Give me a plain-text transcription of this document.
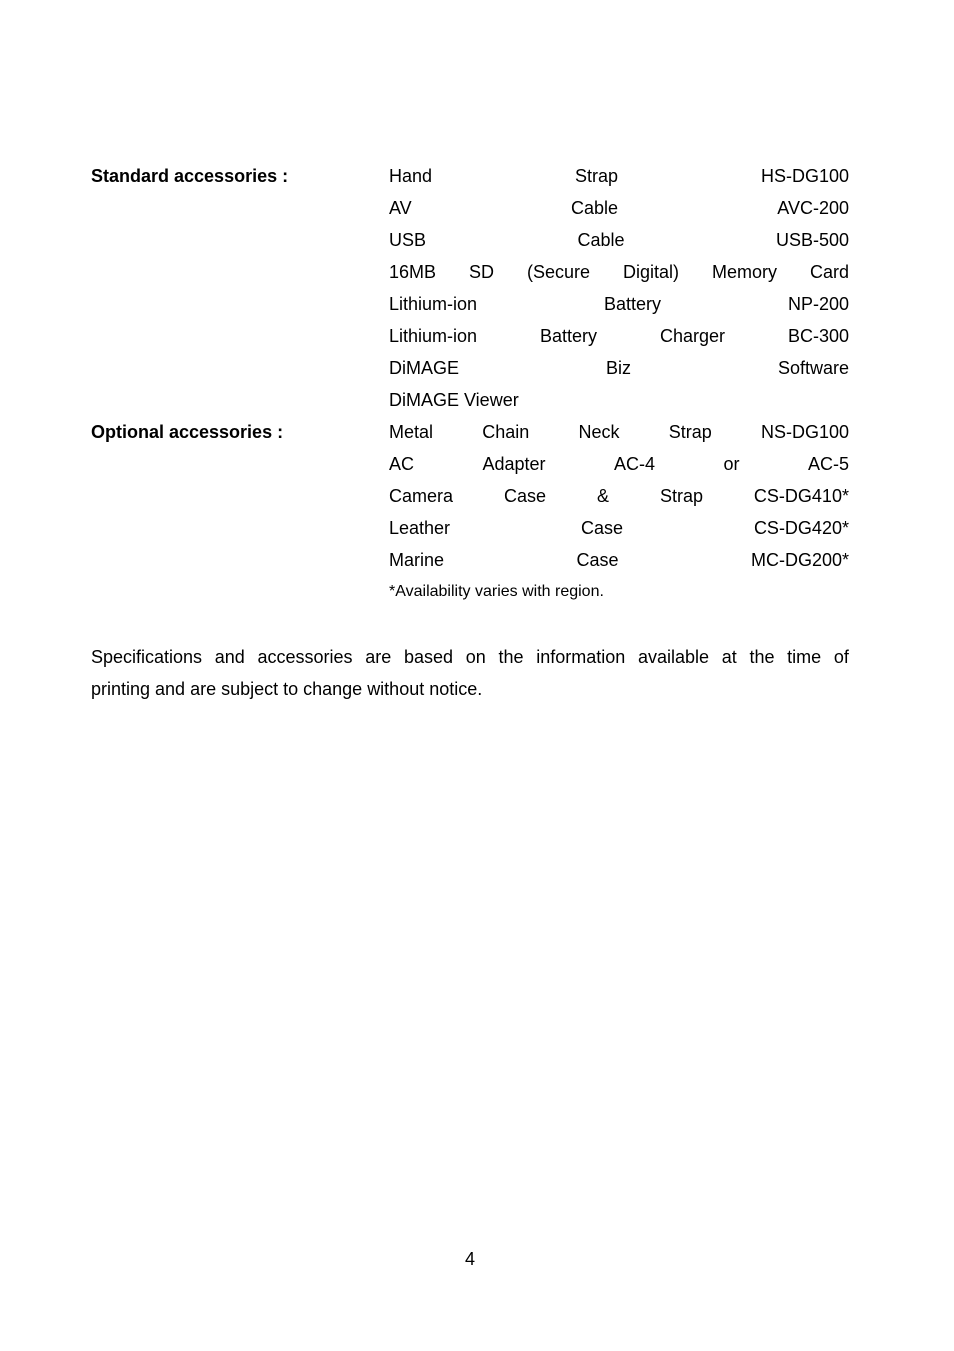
Standard accessories :	Hand	Strap	HS-DG100
AV	Cable	AVC-200
USB	Cable	USB-500
16MB SD (Secure Digital) Memory Card
Lithium-ion	Battery	NP-200
Lithium-ion	Battery	Charger	BC-300
DiMAGE	Biz	Software
DiMAGE Viewer
Optional accessories :	Metal	Chain	Neck	Strap	NS-DG100
AC	Adapter	AC-4	or	AC-5
Camera	Case	&	Strap	CS-DG410*
Leather	Case	CS-DG420*
Marine	Case	MC-DG200*
*Availability varies with region.
Specifications and accessories are based on the information available at the time of
printing and are subject to change without notice.
4
